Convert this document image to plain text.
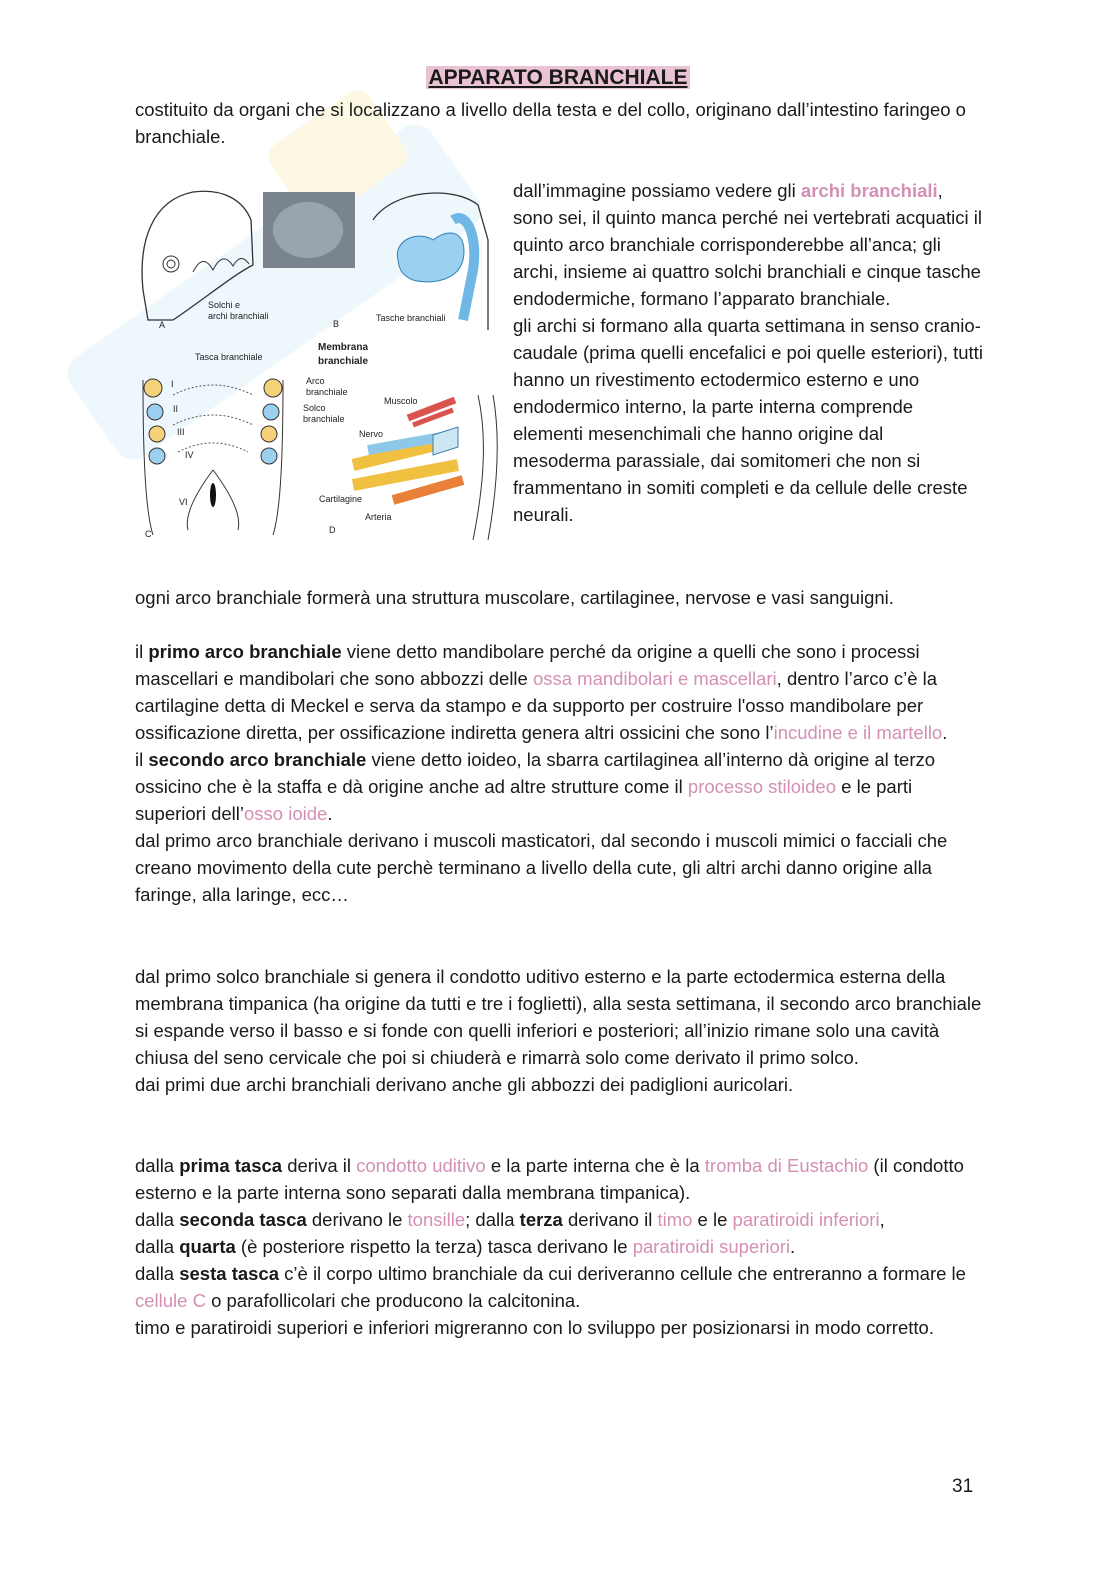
APPARATO BRANCHIALE

costituito da organi che si localizzano a livello della testa e del collo, originano dall’intestino faringeo o branchiale.

Solchi e
archi branchiali
A	B
Tasche branchiali
Tasca branchiale
I
II
III
IV
VI
C
Membrana
branchiale
Arco
branchiale
Solco
branchiale
Muscolo
Nervo
Cartilagine
Arteria
D

dall’immagine possiamo vedere gli archi branchiali, sono sei, il quinto manca perché nei vertebrati acquatici il quinto arco branchiale corrisponderebbe all’anca; gli archi, insieme ai quattro solchi branchiali e cinque tasche endodermiche, formano l’apparato branchiale.
gli archi si formano alla quarta settimana in senso cranio-caudale (prima quelli encefalici e poi quelle esteriori), tutti hanno un rivestimento ectodermico esterno e uno endodermico interno, la parte interna comprende elementi mesenchimali che hanno origine dal mesoderma parassiale, dai somitomeri che non si frammentano in somiti completi e da cellule delle creste neurali.

ogni arco branchiale formerà una struttura muscolare, cartilaginee, nervose e vasi sanguigni.

il primo arco branchiale viene detto mandibolare perché da origine a quelli che sono i processi mascellari e mandibolari che sono abbozzi delle ossa mandibolari e mascellari, dentro l’arco c’è la cartilagine detta di Meckel e serva da stampo e da supporto per costruire l'osso mandibolare per ossificazione diretta, per ossificazione indiretta genera altri ossicini che sono l’incudine e il martello.
il secondo arco branchiale viene detto ioideo, la sbarra cartilaginea all’interno dà origine al terzo ossicino che è la staffa e dà origine anche ad altre strutture come il processo stiloideo e le parti superiori dell’osso ioide.
dal primo arco branchiale derivano i muscoli masticatori, dal secondo i muscoli mimici o facciali che creano movimento della cute perchè terminano a livello della cute, gli altri archi danno origine alla faringe, alla laringe, ecc…

dal primo solco branchiale si genera il condotto uditivo esterno e la parte ectodermica esterna della membrana timpanica (ha origine da tutti e tre i foglietti), alla sesta settimana, il secondo arco branchiale si espande verso il basso e si fonde con quelli inferiori e posteriori; all’inizio rimane solo una cavità chiusa del seno cervicale che poi si chiuderà e rimarrà solo come derivato il primo solco.
dai primi due archi branchiali derivano anche gli abbozzi dei padiglioni auricolari.

dalla prima tasca deriva il condotto uditivo e la parte interna che è la tromba di Eustachio (il condotto esterno e la parte interna sono separati dalla membrana timpanica).
dalla seconda tasca derivano le tonsille; dalla terza derivano il timo e le paratiroidi inferiori,
dalla quarta (è posteriore rispetto la terza) tasca derivano le paratiroidi superiori.
dalla sesta tasca c’è il corpo ultimo branchiale da cui deriveranno cellule che entreranno a formare le cellule C o parafollicolari che producono la calcitonina.
timo e paratiroidi superiori e inferiori migreranno con lo sviluppo per posizionarsi in modo corretto.

31
